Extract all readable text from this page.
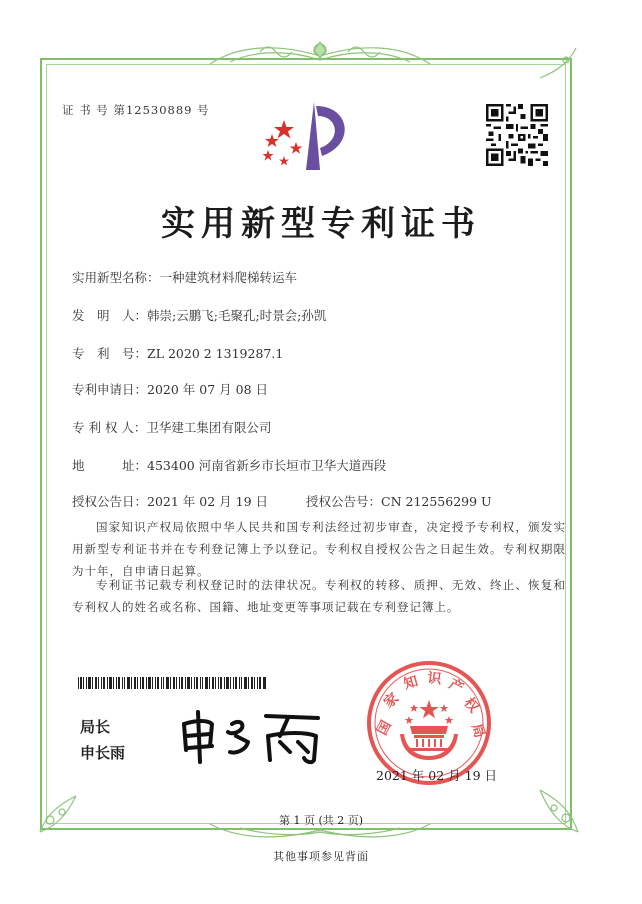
证 书 号 第12530889 号
实用新型专利证书
实用新型名称：一种建筑材料爬梯转运车
发　明　人：韩崇;云鹏飞;毛聚孔;时景会;孙凯
专　利　号：ZL 2020 2 1319287.1
专利申请日：2020 年 07 月 08 日
专 利 权 人：卫华建工集团有限公司
地　　　址：453400 河南省新乡市长垣市卫华大道西段
授权公告日：2021 年 02 月 19 日	授权公告号：CN 212556299 U
国家知识产权局依照中华人民共和国专利法经过初步审查，决定授予专利权，颁发实用新型专利证书并在专利登记簿上予以登记。专利权自授权公告之日起生效。专利权期限为十年，自申请日起算。
专利证书记载专利权登记时的法律状况。专利权的转移、质押、无效、终止、恢复和专利权人的姓名或名称、国籍、地址变更等事项记载在专利登记簿上。
局长
申长雨
国
家
知 识 产
权
局
2021 年 02 月 19 日
第 1 页 (共 2 页)
其他事项参见背面
